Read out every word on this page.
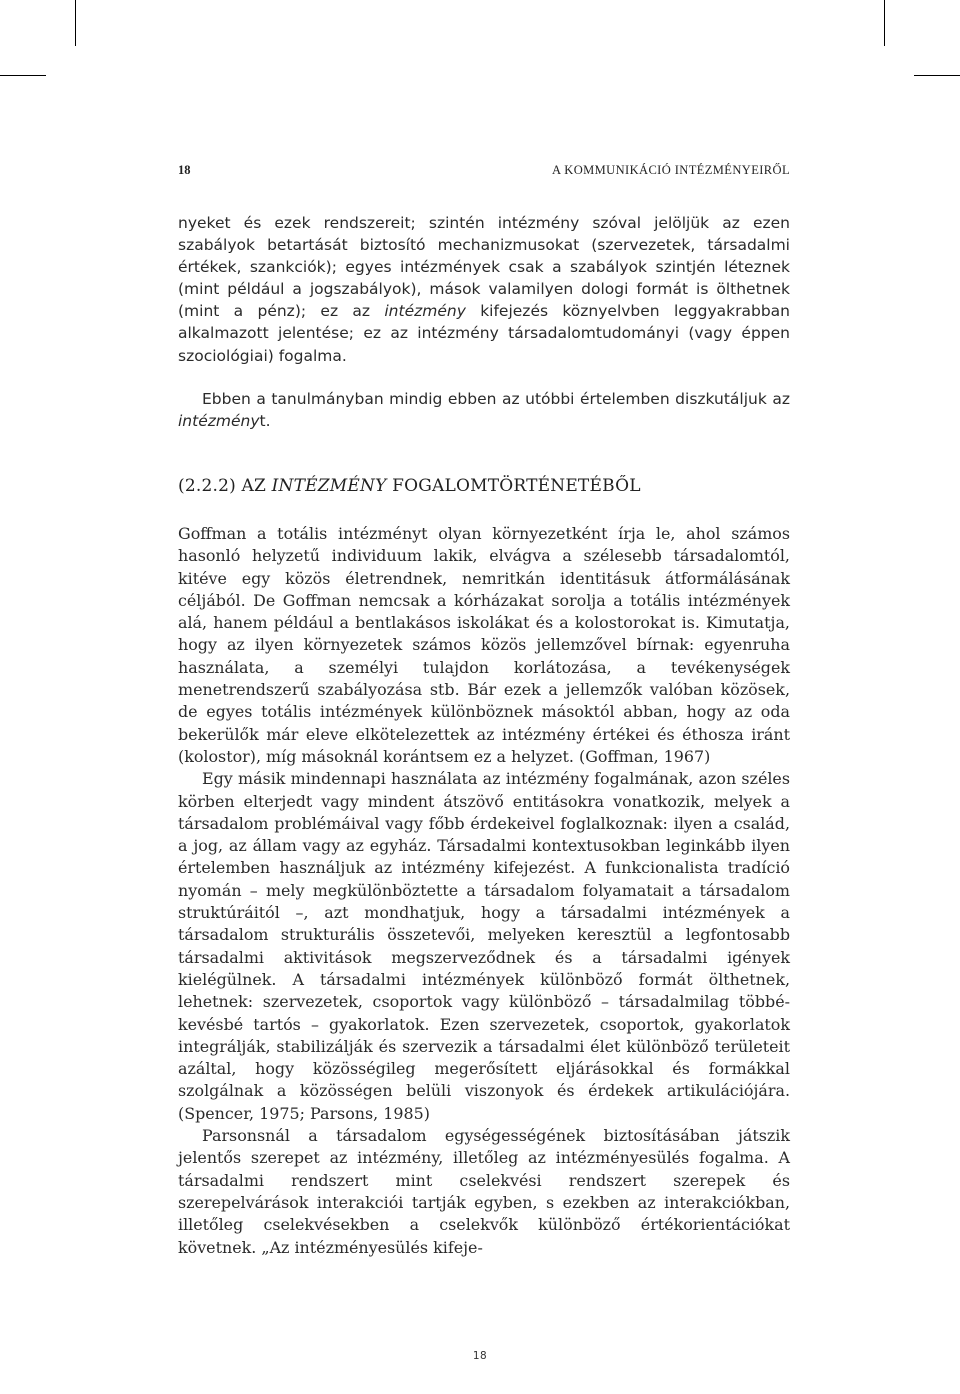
18	A KOMMUNIKÁCIÓ INTÉZMÉNYEIRŐL
nyeket és ezek rendszereit; szintén intézmény szóval jelöljük az ezen szabályok betartását biztosító mechanizmusokat (szervezetek, társadalmi értékek, szankciók); egyes intézmények csak a szabályok szintjén léteznek (mint például a jogszabályok), mások valamilyen dologi formát is ölthetnek (mint a pénz); ez az intézmény kifejezés köznyelvben leggyakrabban alkalmazott jelentése; ez az intézmény társadalomtudományi (vagy éppen szociológiai) fogalma.
Ebben a tanulmányban mindig ebben az utóbbi értelemben diszkutáljuk az intézményt.
(2.2.2) AZ INTÉZMÉNY FOGALOMTÖRTÉNETÉBŐL

Goffman a totális intézményt olyan környezetként írja le, ahol számos hasonló helyzetű individuum lakik, elvágva a szélesebb társadalomtól, kitéve egy közös életrendnek, nemritkán identitásuk átformálásának céljából. De Goffman nemcsak a kórházakat sorolja a totális intézmények alá, hanem például a bentlakásos iskolákat és a kolostorokat is. Kimutatja, hogy az ilyen környezetek számos közös jellemzővel bírnak: egyenruha használata, a személyi tulajdon korlátozása, a tevékenységek menetrendszerű szabályozása stb. Bár ezek a jellemzők valóban közösek, de egyes totális intézmények különböznek másoktól abban, hogy az oda bekerülők már eleve elkötelezettek az intézmény értékei és éthosza iránt (kolostor), míg másoknál korántsem ez a helyzet. (Goffman, 1967)

Egy másik mindennapi használata az intézmény fogalmának, azon széles körben elterjedt vagy mindent átszövő entitásokra vonatkozik, melyek a társadalom problémáival vagy főbb érdekeivel foglalkoznak: ilyen a család, a jog, az állam vagy az egyház. Társadalmi kontextusokban leginkább ilyen értelemben használjuk az intézmény kifejezést. A funkcionalista tradíció nyomán – mely megkülönböztette a társadalom folyamatait a társadalom struktúráitól –, azt mondhatjuk, hogy a társadalmi intézmények a társadalom strukturális összetevői, melyeken keresztül a legfontosabb társadalmi aktivitások megszerveződnek és a társadalmi igények kielégülnek. A társadalmi intézmények különböző formát ölthetnek, lehetnek: szervezetek, csoportok vagy különböző – társadalmilag többé-kevésbé tartós – gyakorlatok. Ezen szervezetek, csoportok, gyakorlatok integrálják, stabilizálják és szervezik a társadalmi élet különböző területeit azáltal, hogy közösségileg megerősített eljárásokkal és formákkal szolgálnak a közösségen belüli viszonyok és érdekek artikulációjára. (Spencer, 1975; Parsons, 1985)

Parsonsnál a társadalom egységességének biztosításában játszik jelentős szerepet az intézmény, illetőleg az intézményesülés fogalma. A társadalmi rendszert mint cselekvési rendszert szerepek és szerepelvárások interakciói tartják egyben, s ezekben az interakciókban, illetőleg cselekvésekben a cselekvők különböző értékorientációkat követnek. „Az intézményesülés kifeje-

18
